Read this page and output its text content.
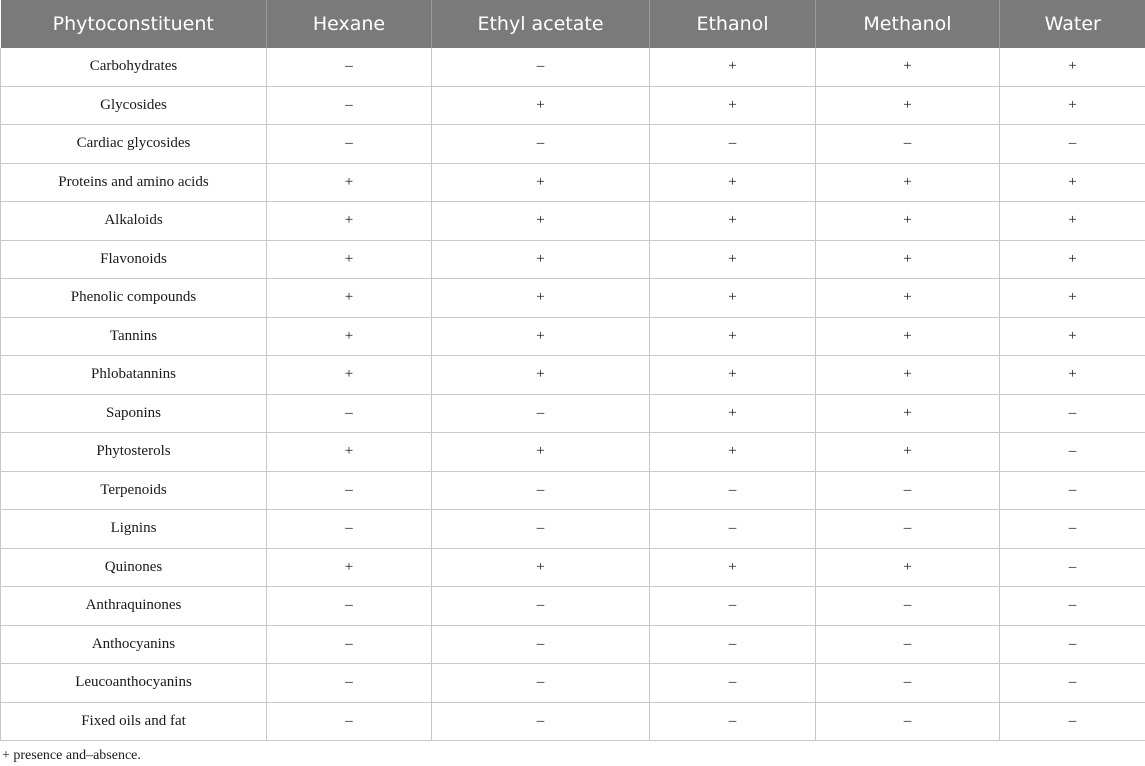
Phytoconstituent	Hexane	Ethyl acetate	Ethanol	Methanol	Water
Carbohydrates	–	–	+	+	+
Glycosides	–	+	+	+	+
Cardiac glycosides	–	–	–	–	–
Proteins and amino acids	+	+	+	+	+
Alkaloids	+	+	+	+	+
Flavonoids	+	+	+	+	+
Phenolic compounds	+	+	+	+	+
Tannins	+	+	+	+	+
Phlobatannins	+	+	+	+	+
Saponins	–	–	+	+	–
Phytosterols	+	+	+	+	–
Terpenoids	–	–	–	–	–
Lignins	–	–	–	–	–
Quinones	+	+	+	+	–
Anthraquinones	–	–	–	–	–
Anthocyanins	–	–	–	–	–
Leucoanthocyanins	–	–	–	–	–
Fixed oils and fat	–	–	–	–	–
+ presence and–absence.
